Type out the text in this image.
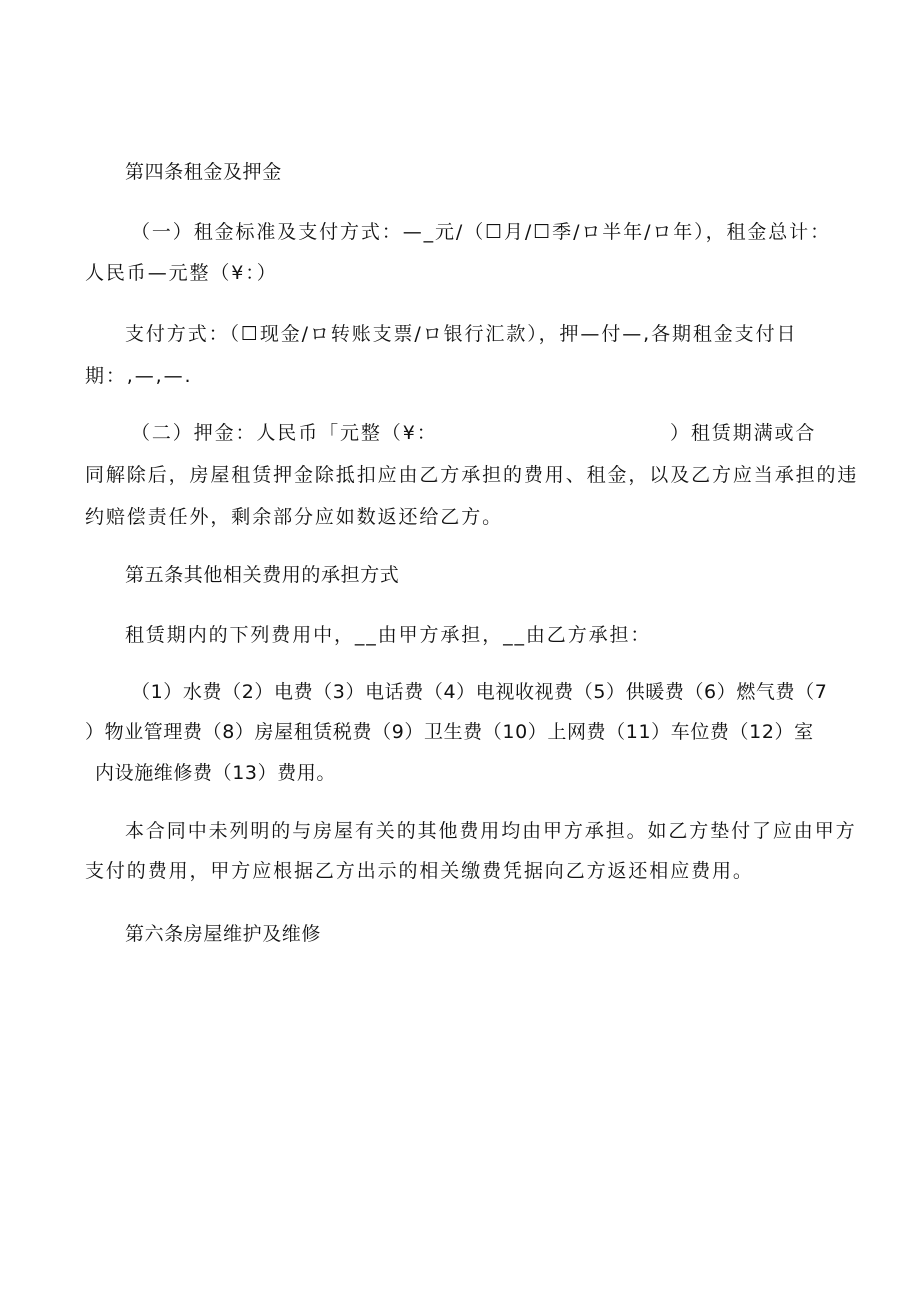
第四条租金及押金
（一）租金标准及支付方式：—_元/（☐月/☐季/ロ半年/ロ年），租金总计：
人民币—元整（¥：）
支付方式：（☐现金/ロ转账支票/ロ银行汇款），押—付—,各期租金支付日
期：,—,—.
（二）押金：人民币「元整（¥：	）租赁期满或合
同解除后，房屋租赁押金除抵扣应由乙方承担的费用、租金，以及乙方应当承担的违
约赔偿责任外，剩余部分应如数返还给乙方。
第五条其他相关费用的承担方式
租赁期内的下列费用中，__由甲方承担，__由乙方承担：
（1）水费（2）电费（3）电话费（4）电视收视费（5）供暖费（6）燃气费（7
）物业管理费（8）房屋租赁税费（9）卫生费（10）上网费（11）车位费（12）室
内设施维修费（13）费用。
本合同中未列明的与房屋有关的其他费用均由甲方承担。如乙方垫付了应由甲方
支付的费用，甲方应根据乙方出示的相关缴费凭据向乙方返还相应费用。
第六条房屋维护及维修
